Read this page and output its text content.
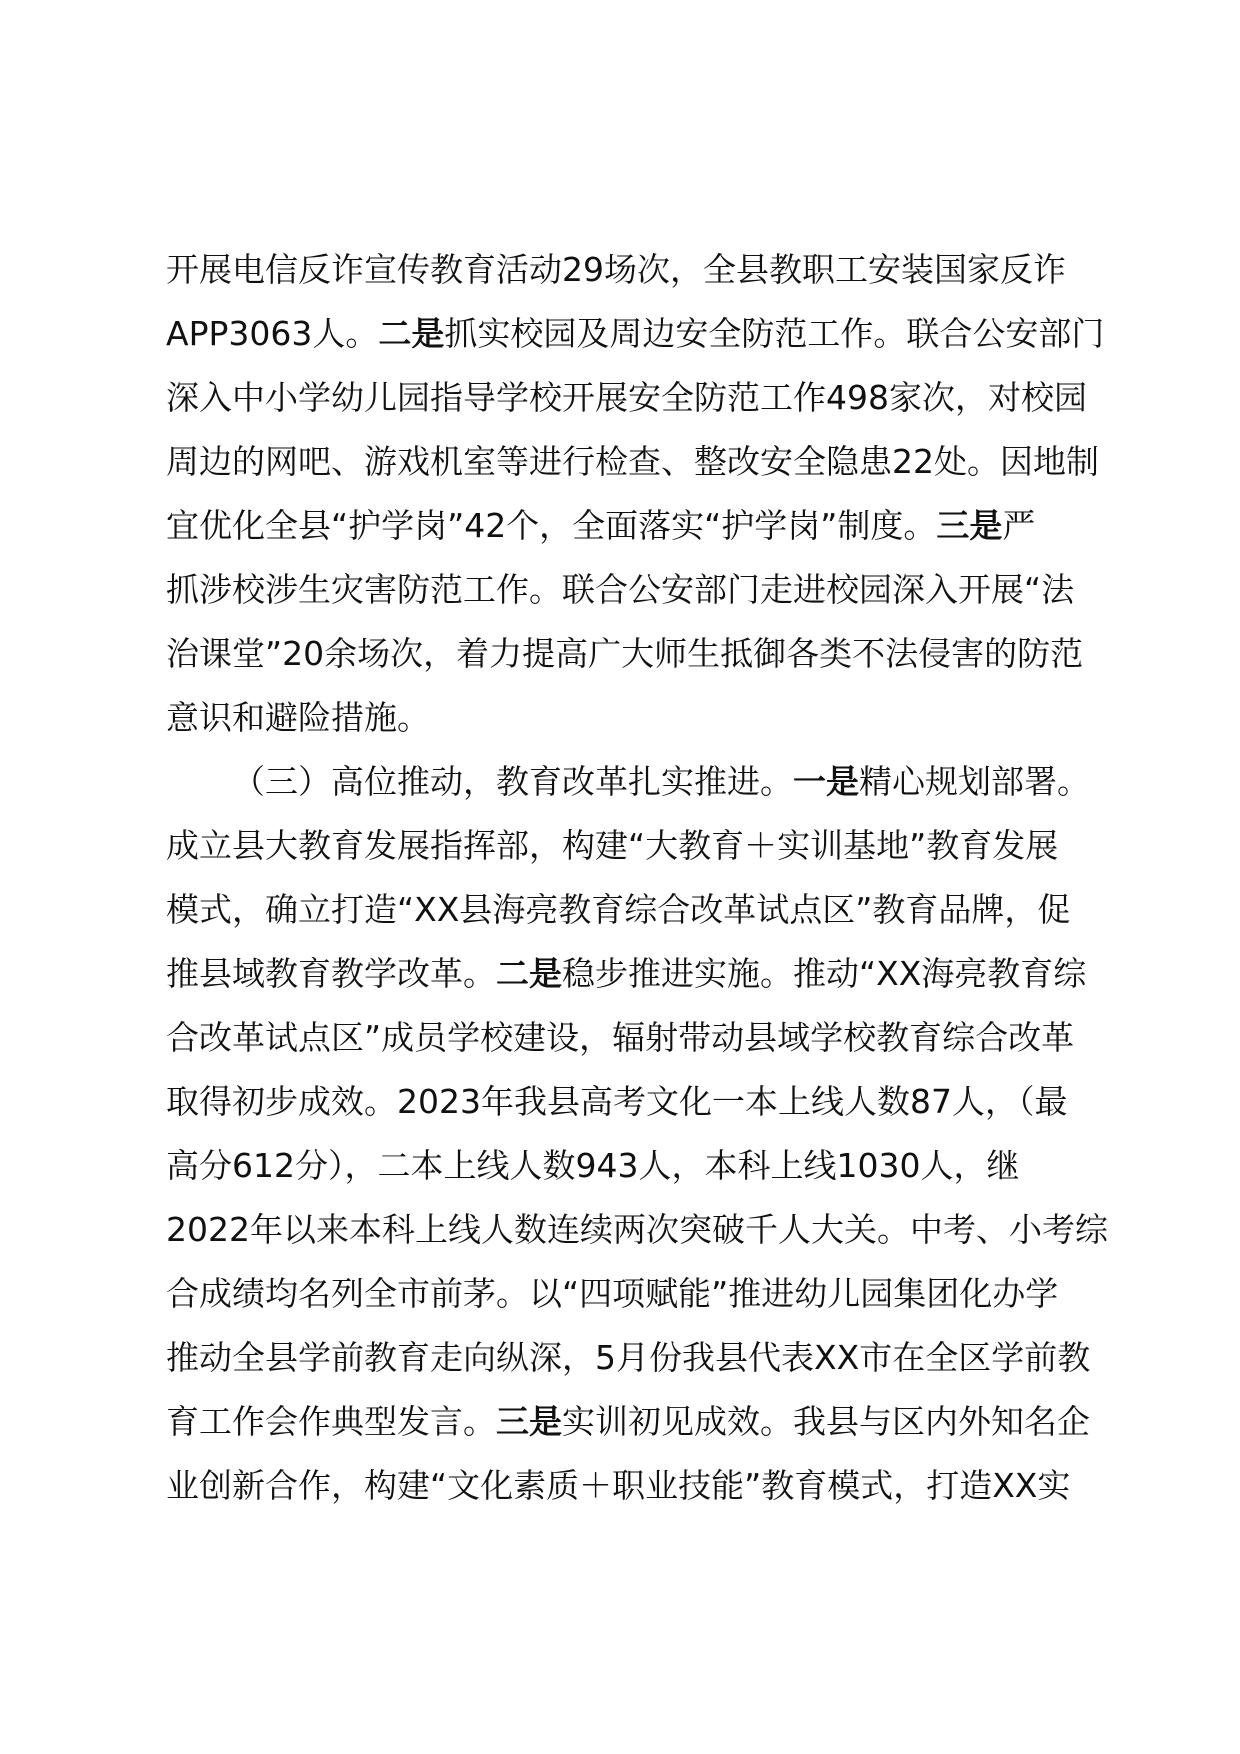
开展电信反诈宣传教育活动29场次，全县教职工安装国家反诈
APP3063人。二是抓实校园及周边安全防范工作。联合公安部门
深入中小学幼儿园指导学校开展安全防范工作498家次，对校园
周边的网吧、游戏机室等进行检查、整改安全隐患22处。因地制
宜优化全县“护学岗”42个，全面落实“护学岗”制度。三是严
抓涉校涉生灾害防范工作。联合公安部门走进校园深入开展“法
治课堂”20余场次，着力提高广大师生抵御各类不法侵害的防范
意识和避险措施。
（三）高位推动，教育改革扎实推进。一是精心规划部署。
成立县大教育发展指挥部，构建“大教育＋实训基地”教育发展
模式，确立打造“XX县海亮教育综合改革试点区”教育品牌，促
推县域教育教学改革。二是稳步推进实施。推动“XX海亮教育综
合改革试点区”成员学校建设，辐射带动县域学校教育综合改革
取得初步成效。2023年我县高考文化一本上线人数87人，（最
高分612分），二本上线人数943人，本科上线1030人，继
2022年以来本科上线人数连续两次突破千人大关。中考、小考综
合成绩均名列全市前茅。以“四项赋能”推进幼儿园集团化办学
推动全县学前教育走向纵深，5月份我县代表XX市在全区学前教
育工作会作典型发言。三是实训初见成效。我县与区内外知名企
业创新合作，构建“文化素质＋职业技能”教育模式，打造XX实
